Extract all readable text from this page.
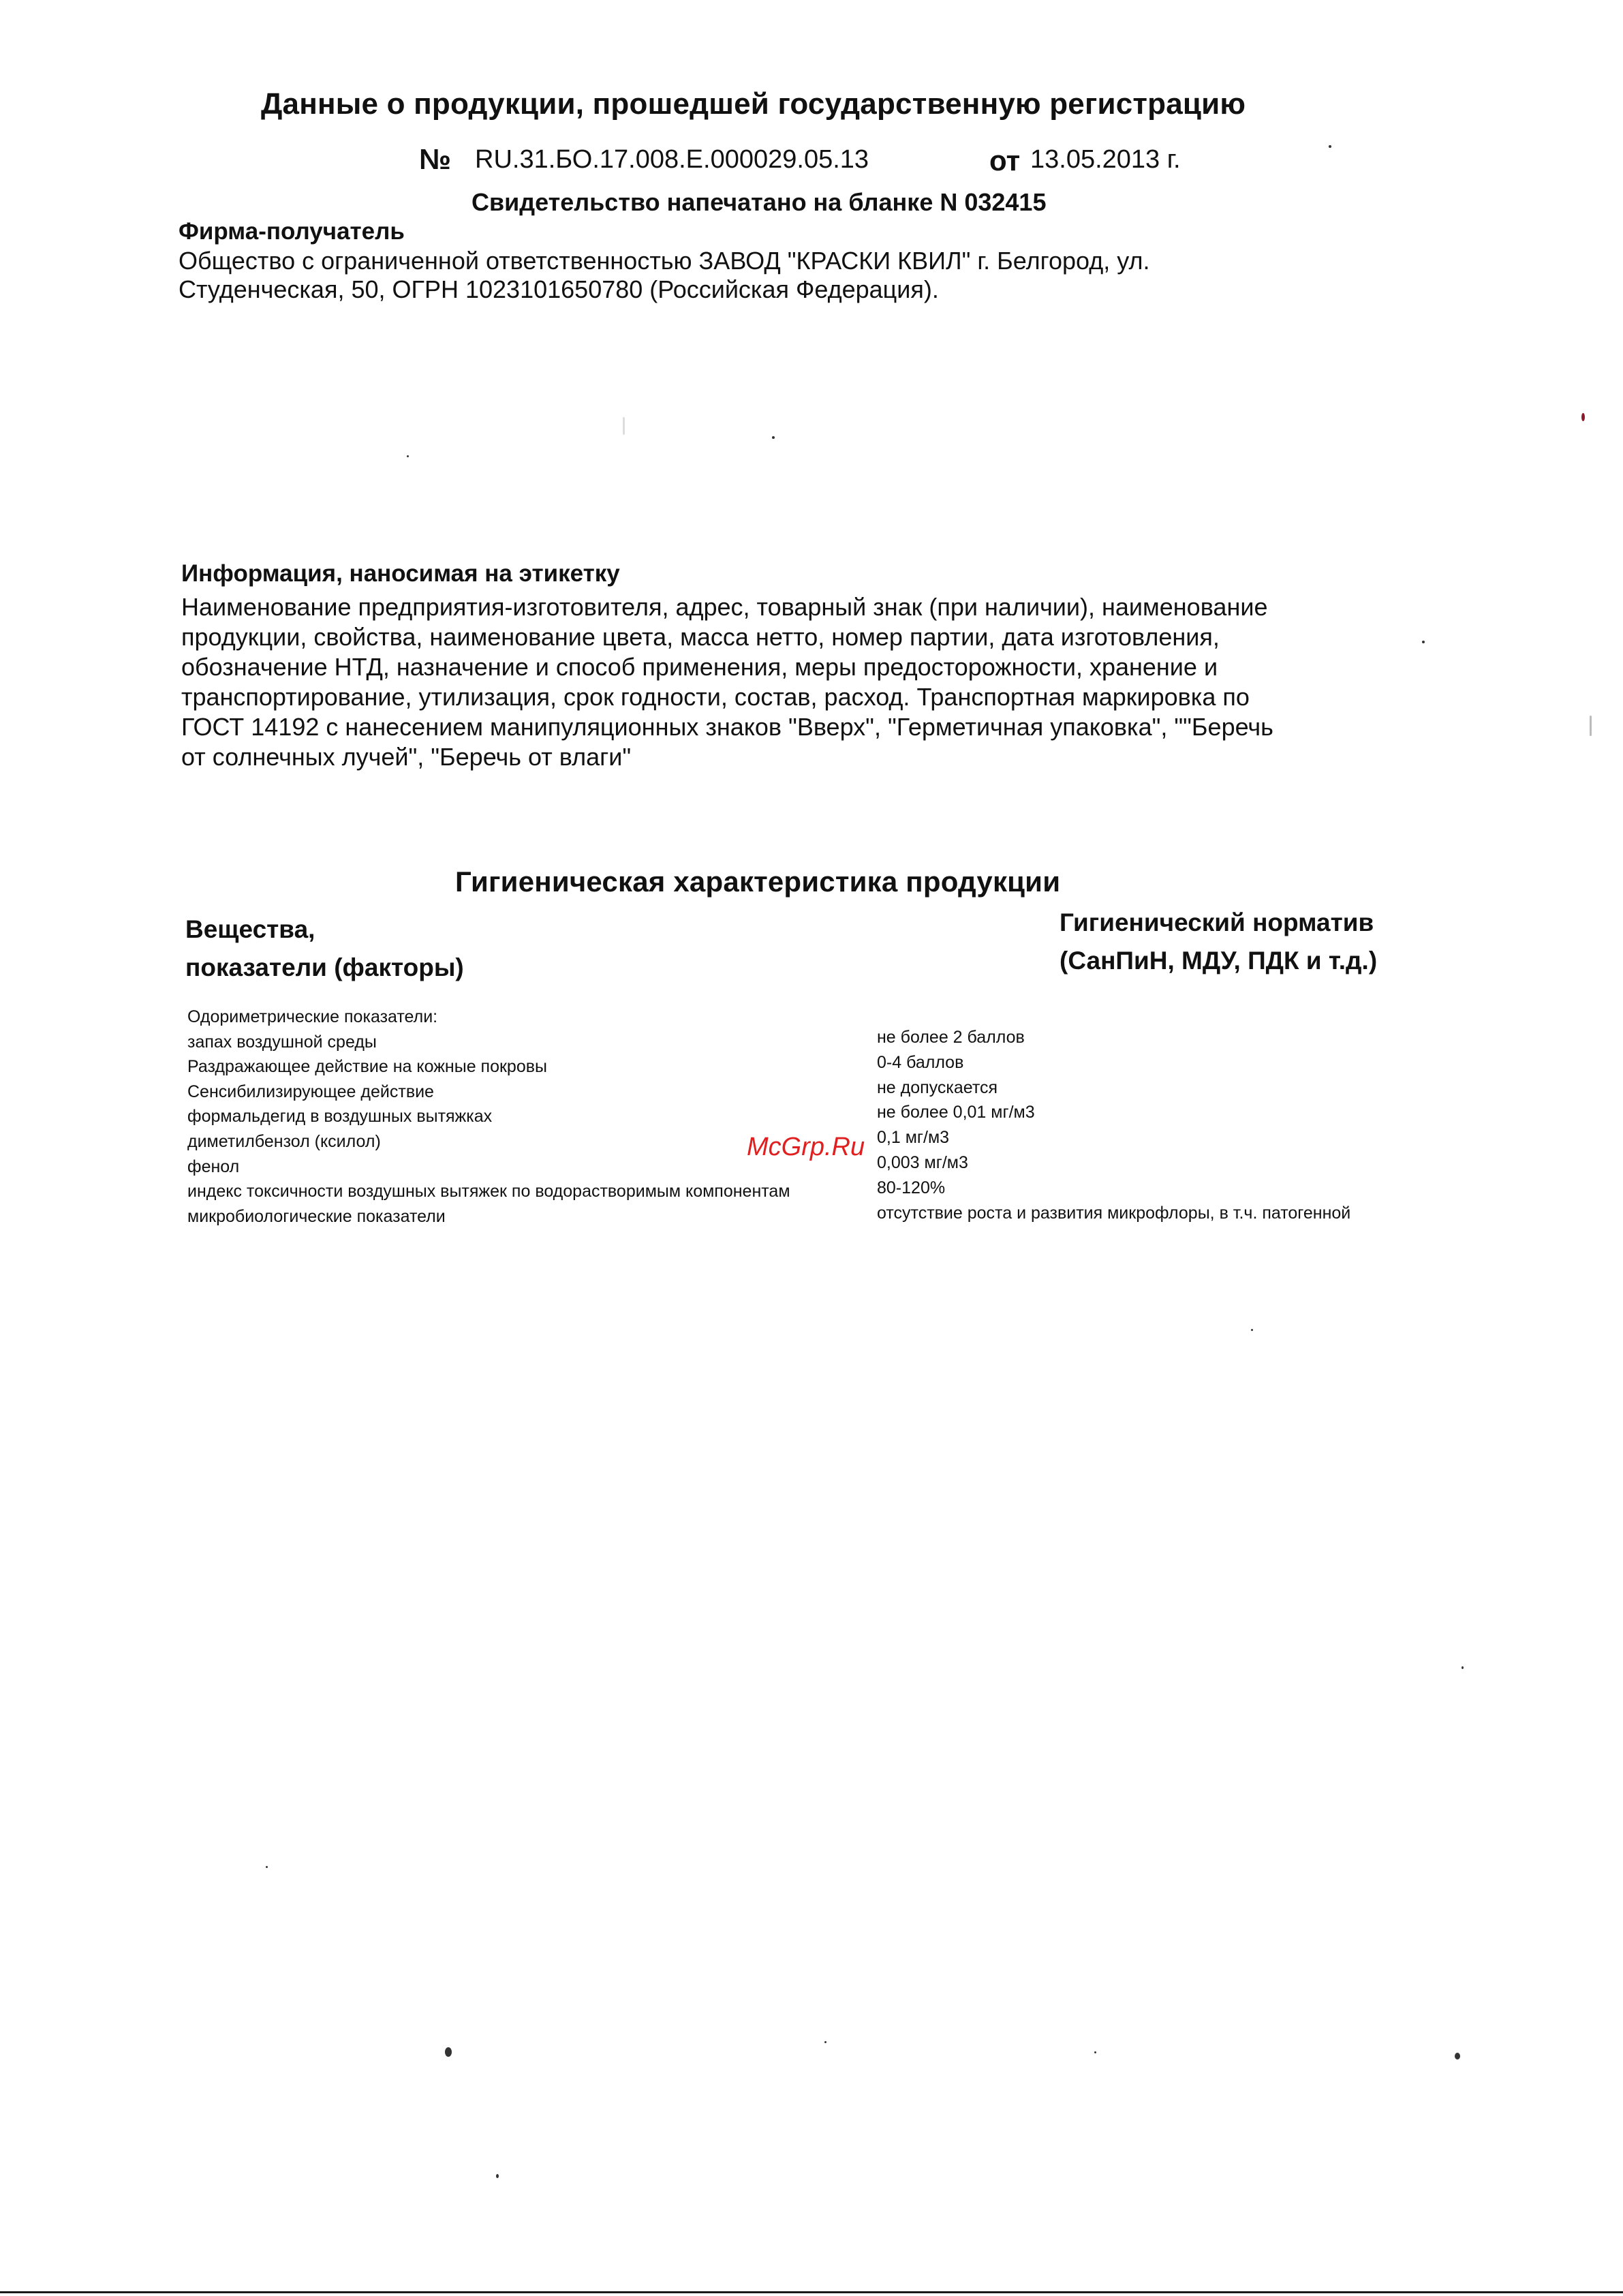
Данные о продукции, прошедшей государственную регистрацию
№ RU.31.БО.17.008.Е.000029.05.13	от 13.05.2013 г.
Свидетельство напечатано на бланке N 032415
Фирма-получатель
Общество с ограниченной ответственностью ЗАВОД "КРАСКИ КВИЛ" г. Белгород, ул.
Студенческая, 50, ОГРН 1023101650780 (Российская Федерация).
Информация, наносимая на этикетку
Наименование предприятия-изготовителя, адрес, товарный знак (при наличии), наименование
продукции, свойства, наименование цвета, масса нетто, номер партии, дата изготовления,
обозначение НТД, назначение и способ применения, меры предосторожности, хранение и
транспортирование, утилизация, срок годности, состав, расход. Транспортная маркировка по
ГОСТ 14192 с нанесением манипуляционных знаков "Вверх", "Герметичная упаковка", ""Беречь
от солнечных лучей", "Беречь от влаги"
Гигиеническая характеристика продукции
Вещества,
показатели (факторы)
Гигиенический норматив
(СанПиН, МДУ, ПДК и т.д.)
Одориметрические показатели:
запах воздушной среды	не более 2 баллов
Раздражающее действие на кожные покровы	0-4 баллов
Сенсибилизирующее действие	не допускается
формальдегид в воздушных вытяжках	не более 0,01 мг/м3
диметилбензол (ксилол)	0,1 мг/м3
фенол	0,003 мг/м3
индекс токсичности воздушных вытяжек по водорастворимым компонентам	80-120%
микробиологические показатели	отсутствие роста и развития микрофлоры, в т.ч. патогенной
McGrp.Ru
